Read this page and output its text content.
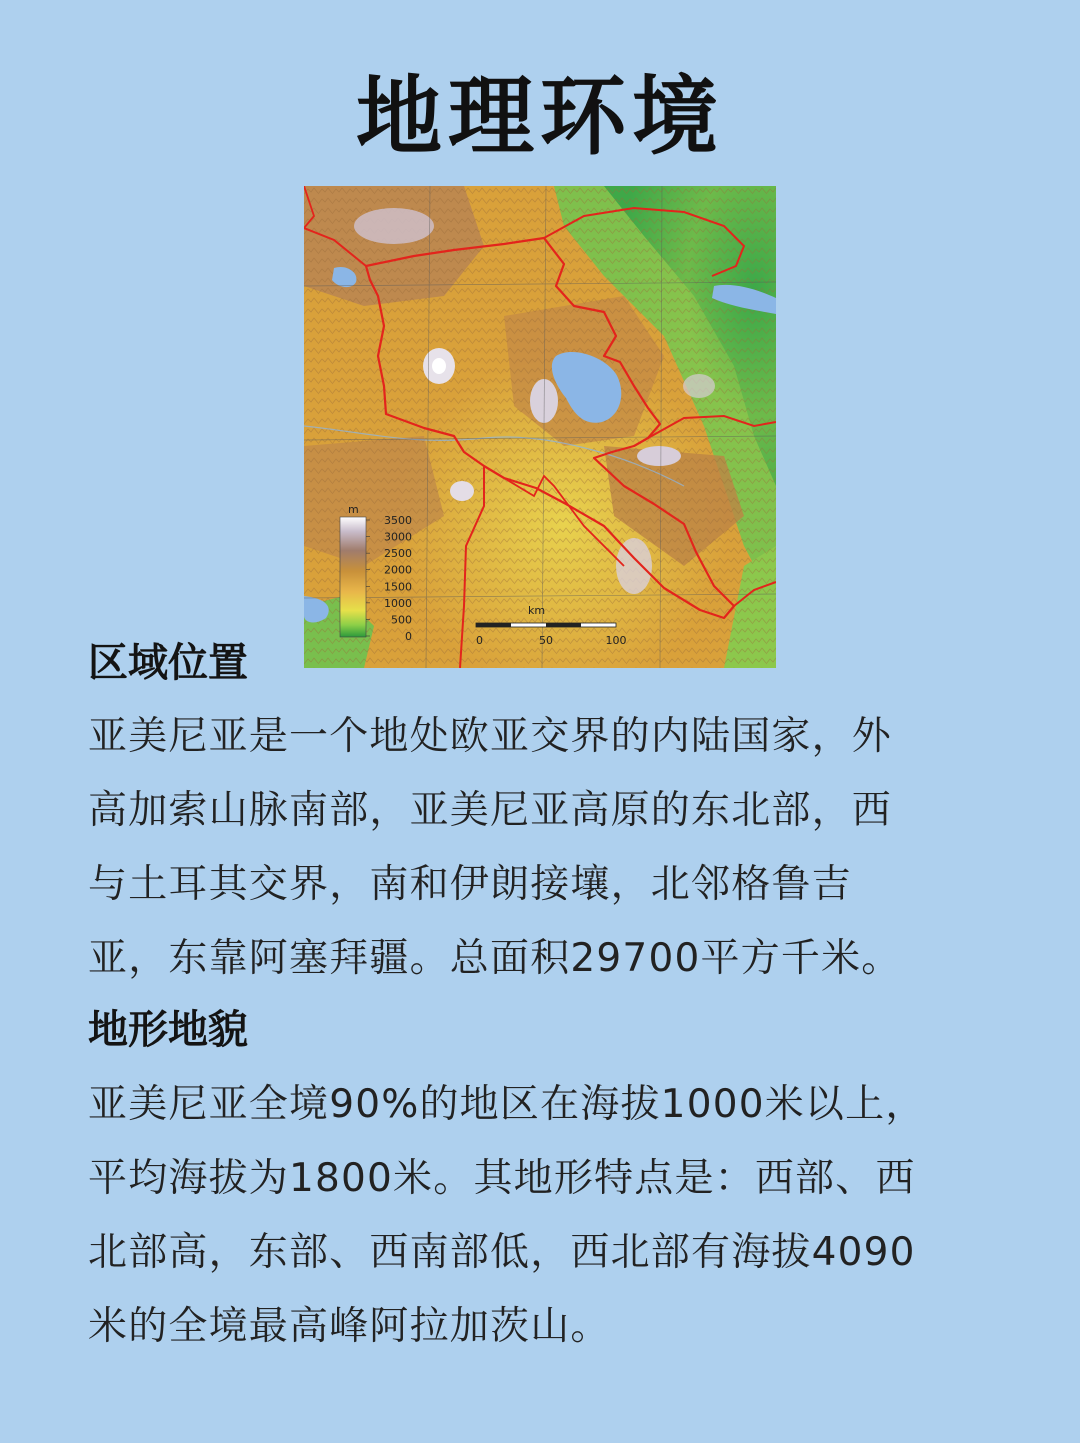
地理环境
m
3500
3000
2500
2000
1500
1000
500
0
km
0	50	100
区域位置
亚美尼亚是一个地处欧亚交界的内陆国家，外
高加索山脉南部，亚美尼亚高原的东北部，西
与土耳其交界，南和伊朗接壤，北邻格鲁吉
亚，东靠阿塞拜疆。总面积29700平方千米。
地形地貌
亚美尼亚全境90%的地区在海拔1000米以上，
平均海拔为1800米。其地形特点是：西部、西
北部高，东部、西南部低，西北部有海拔4090
米的全境最高峰阿拉加茨山。
